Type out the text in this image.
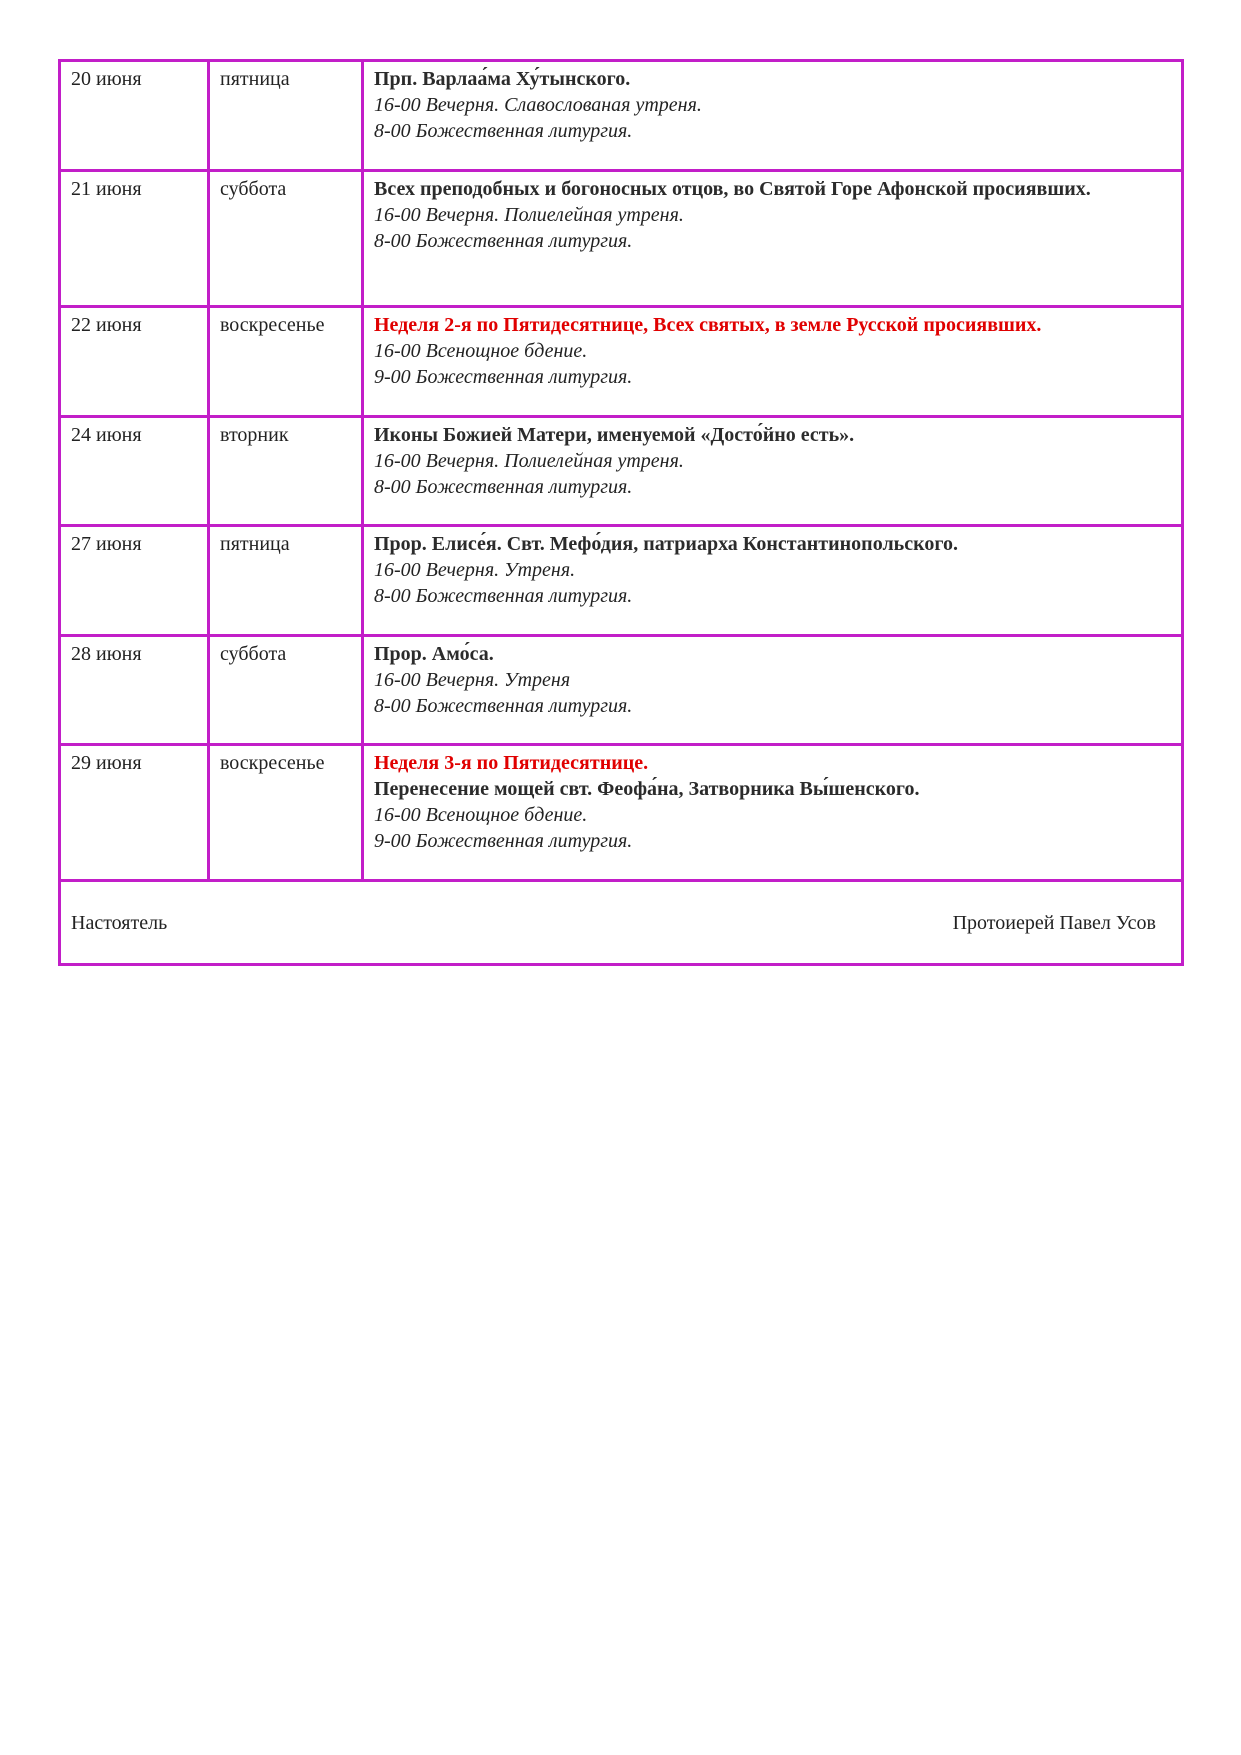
20 июня	пятница	Прп. Варлаа́ма Ху́тынского.
16-00 Вечерня. Славослованая утреня.
8-00 Божественная литургия.

21 июня	суббота	Всех преподобных и богоносных отцов, во Святой Горе Афонской просиявших.
16-00 Вечерня. Полиелейная утреня.
8-00 Божественная литургия.

22 июня	воскресенье	Неделя 2-я по Пятидесятнице, Всех святых, в земле Русской просиявших.
16-00 Всенощное бдение.
9-00 Божественная литургия.

24 июня	вторник	Иконы Божией Матери, именуемой «Досто́йно есть».
16-00 Вечерня. Полиелейная утреня.
8-00 Божественная литургия.

27 июня	пятница	Прор. Елисе́я. Свт. Мефо́дия, патриарха Константинопольского.
16-00 Вечерня. Утреня.
8-00 Божественная литургия.

28 июня	суббота	Прор. Амо́са.
16-00 Вечерня. Утреня
8-00 Божественная литургия.

29 июня	воскресенье	Неделя 3-я по Пятидесятнице.
Перенесение мощей свт. Феофа́на, Затворника Вы́шенского.
16-00 Всенощное бдение.
9-00 Божественная литургия.

Настоятель Протоиерей Павел Усов		
